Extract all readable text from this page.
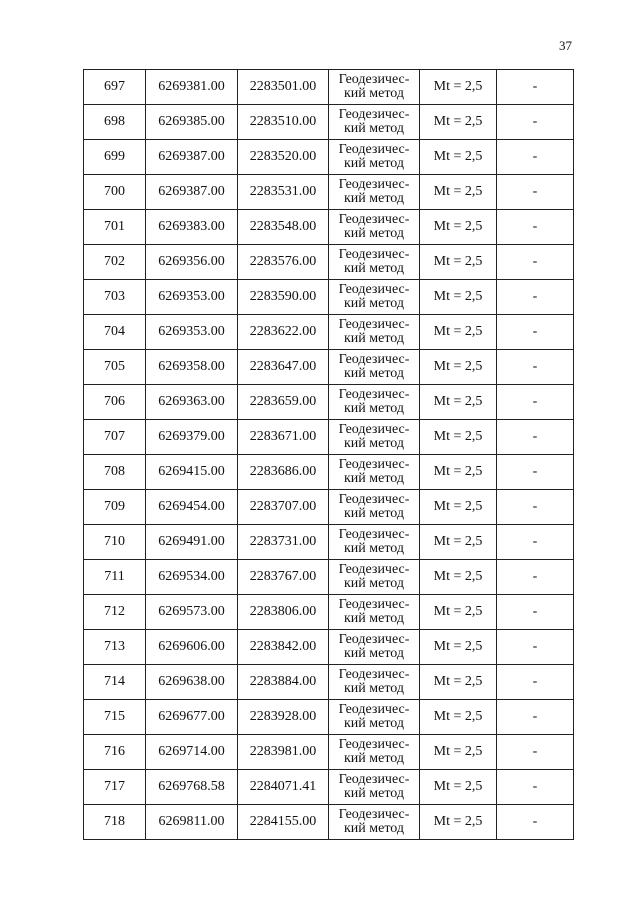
37
697	6269381.00	2283501.00	Геодезичес-
кий метод	Mt = 2,5	-
698	6269385.00	2283510.00	Геодезичес-
кий метод	Mt = 2,5	-
699	6269387.00	2283520.00	Геодезичес-
кий метод	Mt = 2,5	-
700	6269387.00	2283531.00	Геодезичес-
кий метод	Mt = 2,5	-
701	6269383.00	2283548.00	Геодезичес-
кий метод	Mt = 2,5	-
702	6269356.00	2283576.00	Геодезичес-
кий метод	Mt = 2,5	-
703	6269353.00	2283590.00	Геодезичес-
кий метод	Mt = 2,5	-
704	6269353.00	2283622.00	Геодезичес-
кий метод	Mt = 2,5	-
705	6269358.00	2283647.00	Геодезичес-
кий метод	Mt = 2,5	-
706	6269363.00	2283659.00	Геодезичес-
кий метод	Mt = 2,5	-
707	6269379.00	2283671.00	Геодезичес-
кий метод	Mt = 2,5	-
708	6269415.00	2283686.00	Геодезичес-
кий метод	Mt = 2,5	-
709	6269454.00	2283707.00	Геодезичес-
кий метод	Mt = 2,5	-
710	6269491.00	2283731.00	Геодезичес-
кий метод	Mt = 2,5	-
711	6269534.00	2283767.00	Геодезичес-
кий метод	Mt = 2,5	-
712	6269573.00	2283806.00	Геодезичес-
кий метод	Mt = 2,5	-
713	6269606.00	2283842.00	Геодезичес-
кий метод	Mt = 2,5	-
714	6269638.00	2283884.00	Геодезичес-
кий метод	Mt = 2,5	-
715	6269677.00	2283928.00	Геодезичес-
кий метод	Mt = 2,5	-
716	6269714.00	2283981.00	Геодезичес-
кий метод	Mt = 2,5	-
717	6269768.58	2284071.41	Геодезичес-
кий метод	Mt = 2,5	-
718	6269811.00	2284155.00	Геодезичес-
кий метод	Mt = 2,5	-
